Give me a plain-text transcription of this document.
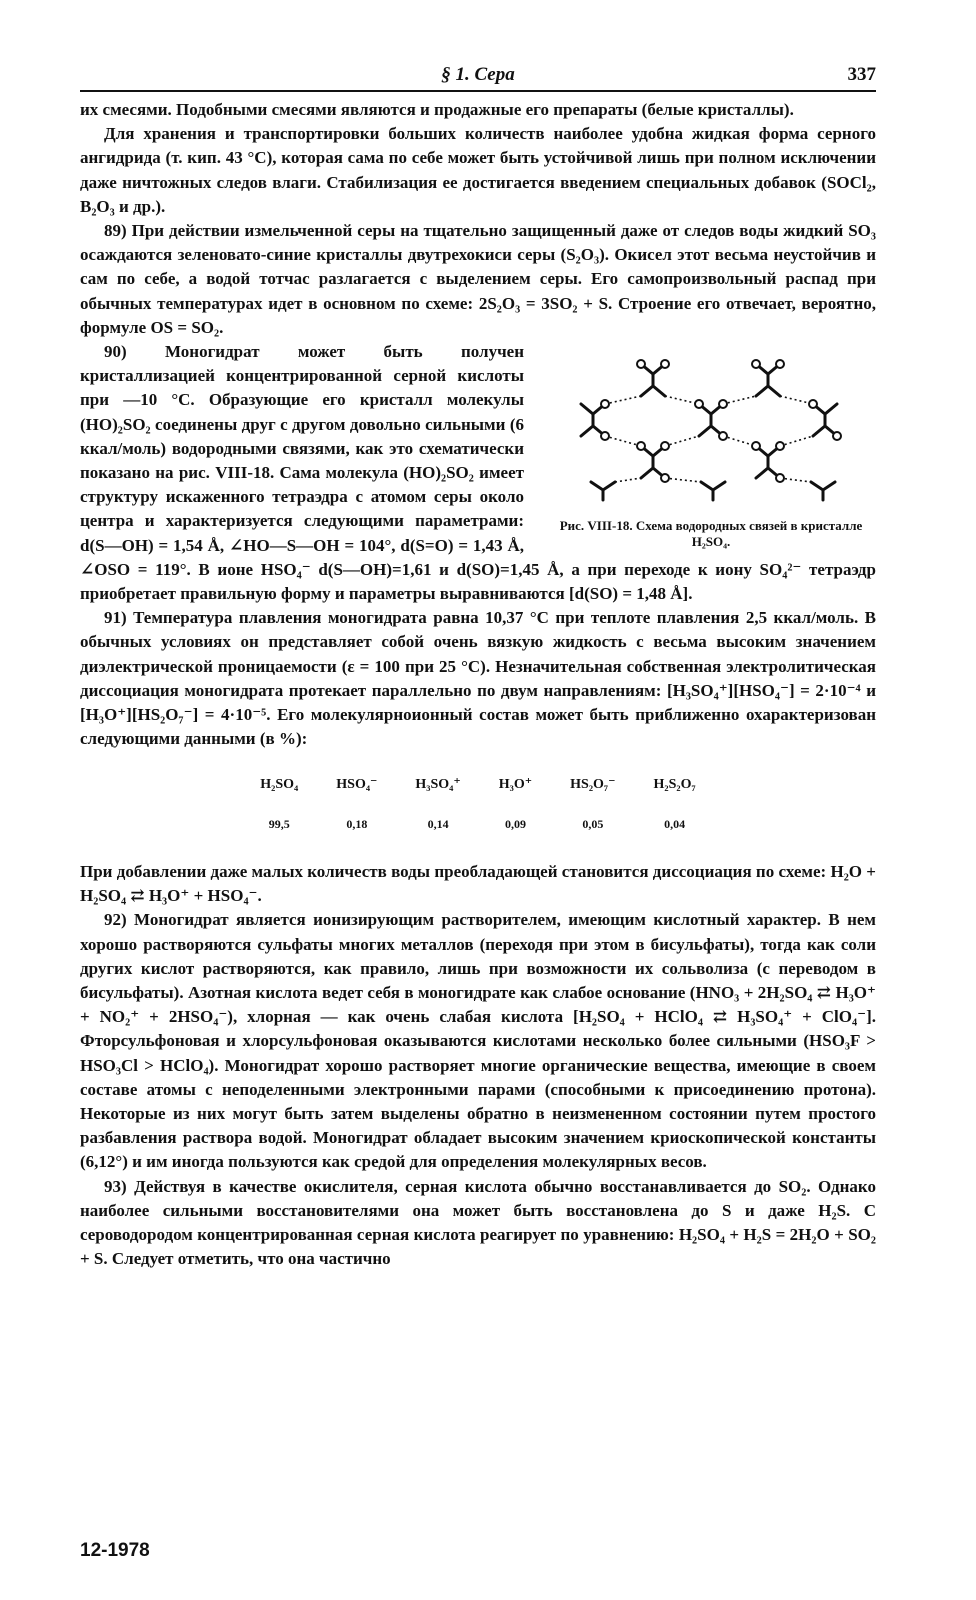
§ 1. Сера	337

их смесями. Подобными смесями являются и продажные его препараты (белые кристаллы).

Для хранения и транспортировки больших количеств наиболее удобна жидкая форма серного ангидрида (т. кип. 43 °С), которая сама по себе может быть устойчивой лишь при полном исключении даже ничтожных следов влаги. Стабилизация ее достигается введением специальных добавок (SOCl₂, B₂O₃ и др.).

89) При действии измельченной серы на тщательно защищенный даже от следов воды жидкий SO₃ осаждаются зеленовато-синие кристаллы двутрехокиси серы (S₂O₃). Окисел этот весьма неустойчив и сам по себе, а водой тотчас разлагается с выделением серы. Его самопроизвольный распад при обычных температурах идет в основном по схеме: 2S₂O₃ = 3SO₂ + S. Строение его отвечает, вероятно, формуле OS = SO₂.

Рис. VIII-18. Схема водородных связей в кристалле H₂SO₄.

90) Моногидрат может быть получен кристаллизацией концентрированной серной кислоты при —10 °С. Образующие его кристалл молекулы (HO)₂SO₂ соединены друг с другом довольно сильными (6 ккал/моль) водородными связями, как это схематически показано на рис. VIII-18. Сама молекула (HO)₂SO₂ имеет структуру искаженного тетраэдра с атомом серы около центра и характеризуется следующими параметрами: d(S—OH) = 1,54 Å, ∠HO—S—OH = 104°, d(S=O) = 1,43 Å, ∠OSO = 119°. В ионе HSO₄⁻ d(S—OH)=1,61 и d(SO)=1,45 Å, а при переходе к иону SO₄²⁻ тетраэдр приобретает правильную форму и параметры выравниваются [d(SO) = 1,48 Å].

91) Температура плавления моногидрата равна 10,37 °С при теплоте плавления 2,5 ккал/моль. В обычных условиях он представляет собой очень вязкую жидкость с весьма высоким значением диэлектрической проницаемости (ε = 100 при 25 °С). Незначительная собственная электролитическая диссоциация моногидрата протекает параллельно по двум направлениям: [H₃SO₄⁺][HSO₄⁻] = 2·10⁻⁴ и [H₃O⁺][HS₂O₇⁻] = 4·10⁻⁵. Его молекулярноионный состав может быть приближенно охарактеризован следующими данными (в %):

H₂SO₄
99,5
HSO₄⁻
0,18
H₃SO₄⁺
0,14
H₃O⁺
0,09
HS₂O₇⁻
0,05
H₂S₂O₇
0,04

При добавлении даже малых количеств воды преобладающей становится диссоциация по схеме: H₂O + H₂SO₄ ⇄ H₃O⁺ + HSO₄⁻.

92) Моногидрат является ионизирующим растворителем, имеющим кислотный характер. В нем хорошо растворяются сульфаты многих металлов (переходя при этом в бисульфаты), тогда как соли других кислот растворяются, как правило, лишь при возможности их сольволиза (с переводом в бисульфаты). Азотная кислота ведет себя в моногидрате как слабое основание (HNO₃ + 2H₂SO₄ ⇄ H₃O⁺ + NO₂⁺ + 2HSO₄⁻), хлорная — как очень слабая кислота [H₂SO₄ + HClO₄ ⇄ H₃SO₄⁺ + ClO₄⁻]. Фторсульфоновая и хлорсульфоновая оказываются кислотами несколько более сильными (HSO₃F > HSO₃Cl > HClO₄). Моногидрат хорошо растворяет многие органические вещества, имеющие в своем составе атомы с неподеленными электронными парами (способными к присоединению протона). Некоторые из них могут быть затем выделены обратно в неизмененном состоянии путем простого разбавления раствора водой. Моногидрат обладает высоким значением криоскопической константы (6,12°) и им иногда пользуются как средой для определения молекулярных весов.

93) Действуя в качестве окислителя, серная кислота обычно восстанавливается до SO₂. Однако наиболее сильными восстановителями она может быть восстановлена до S и даже H₂S. С сероводородом концентрированная серная кислота реагирует по уравнению: H₂SO₄ + H₂S = 2H₂O + SO₂ + S. Следует отметить, что она частично

12-1978
